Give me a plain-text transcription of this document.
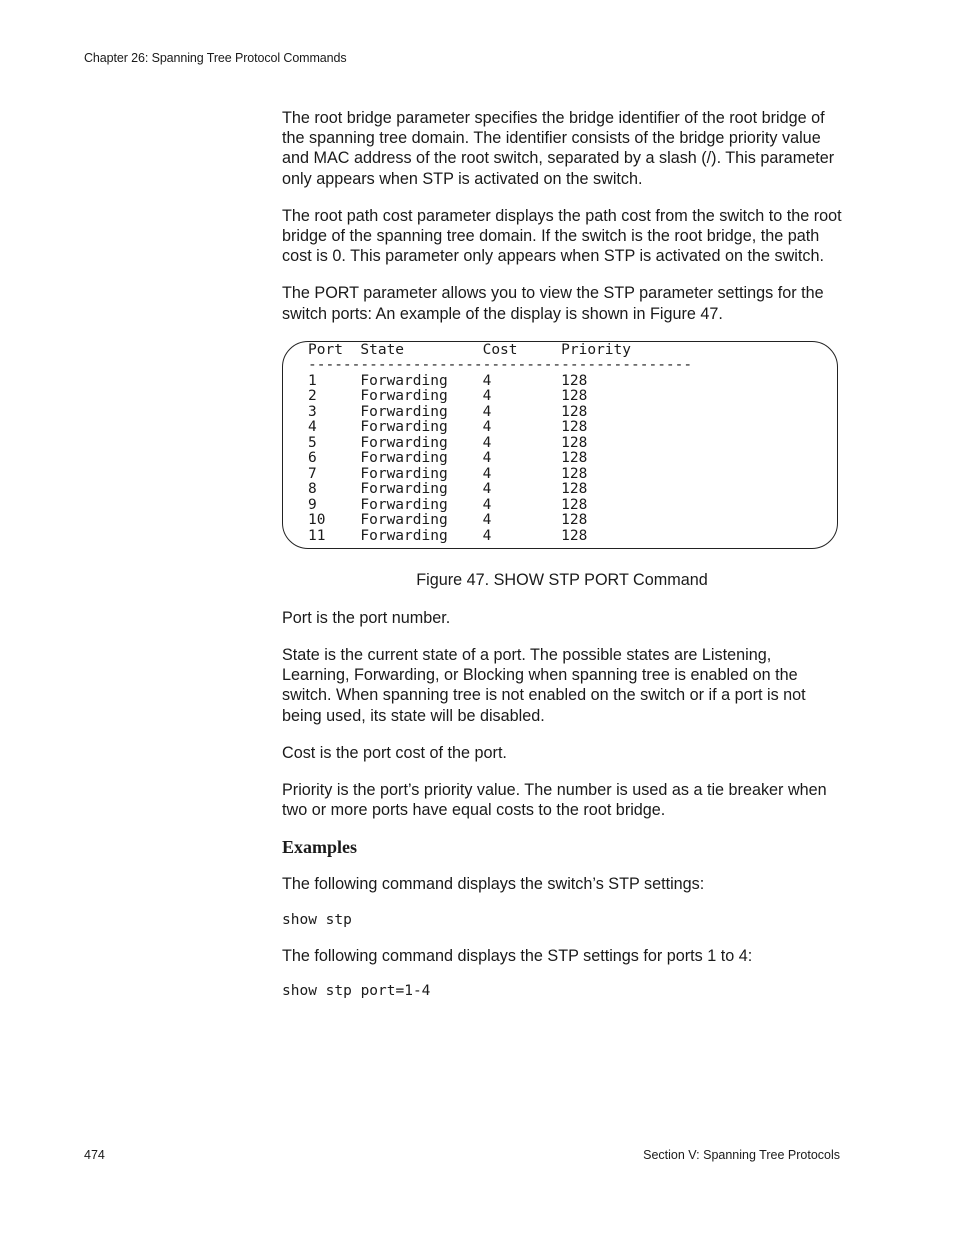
Chapter 26: Spanning Tree Protocol Commands

The root bridge parameter specifies the bridge identifier of the root bridge of the spanning tree domain. The identifier consists of the bridge priority value and MAC address of the root switch, separated by a slash (/). This parameter only appears when STP is activated on the switch.

The root path cost parameter displays the path cost from the switch to the root bridge of the spanning tree domain. If the switch is the root bridge, the path cost is 0. This parameter only appears when STP is activated on the switch.

The PORT parameter allows you to view the STP parameter settings for the switch ports: An example of the display is shown in Figure 47.

Port  State         Cost     Priority
--------------------------------------------
1     Forwarding    4        128
2     Forwarding    4        128
3     Forwarding    4        128
4     Forwarding    4        128
5     Forwarding    4        128
6     Forwarding    4        128
7     Forwarding    4        128
8     Forwarding    4        128
9     Forwarding    4        128
10    Forwarding    4        128
11    Forwarding    4        128
Figure 47. SHOW STP PORT Command

Port is the port number.

State is the current state of a port. The possible states are Listening, Learning, Forwarding, or Blocking when spanning tree is enabled on the switch. When spanning tree is not enabled on the switch or if a port is not being used, its state will be disabled.

Cost is the port cost of the port.

Priority is the port’s priority value. The number is used as a tie breaker when two or more ports have equal costs to the root bridge.

Examples

The following command displays the switch’s STP settings:

show stp

The following command displays the STP settings for ports 1 to 4:

show stp port=1-4
474	Section V: Spanning Tree Protocols
